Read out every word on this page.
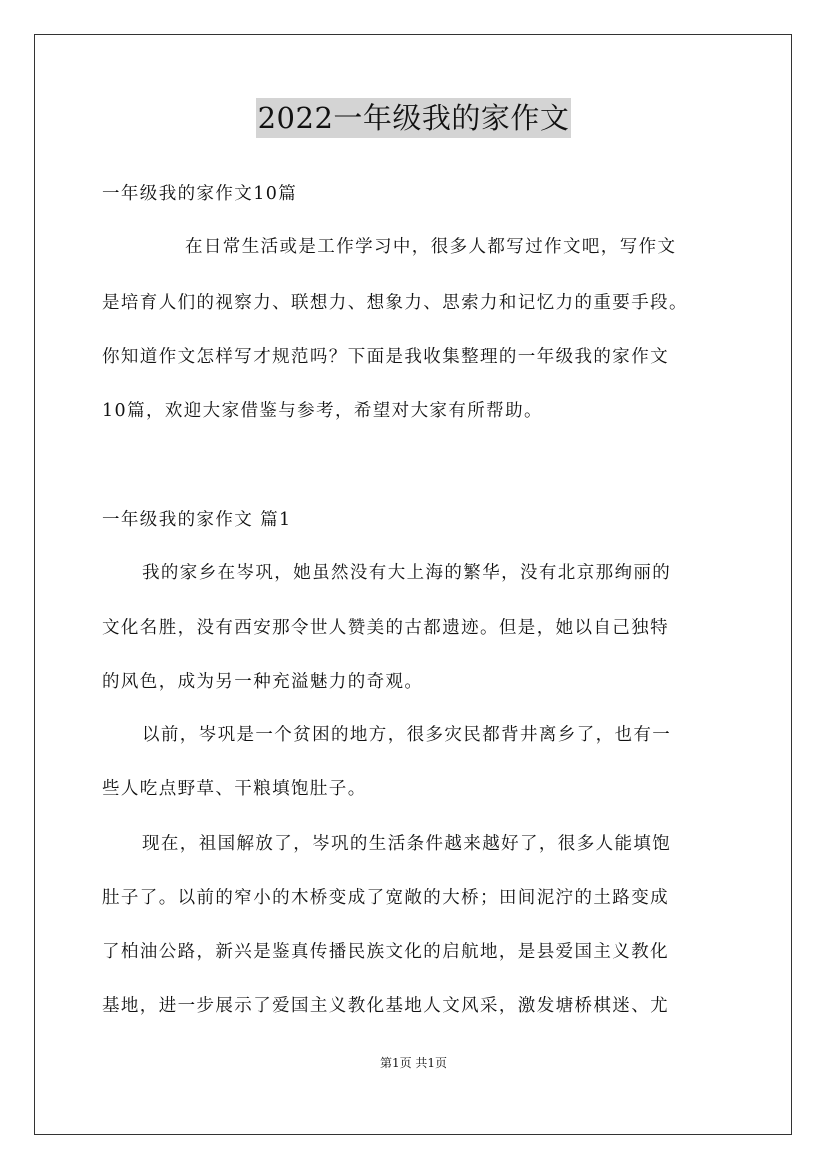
2022一年级我的家作文
一年级我的家作文10篇
在日常生活或是工作学习中，很多人都写过作文吧，写作文
是培育人们的视察力、联想力、想象力、思索力和记忆力的重要手段。
你知道作文怎样写才规范吗？下面是我收集整理的一年级我的家作文
10篇，欢迎大家借鉴与参考，希望对大家有所帮助。
一年级我的家作文 篇1
我的家乡在岑巩，她虽然没有大上海的繁华，没有北京那绚丽的
文化名胜，没有西安那令世人赞美的古都遗迹。但是，她以自己独特
的风色，成为另一种充溢魅力的奇观。
以前，岑巩是一个贫困的地方，很多灾民都背井离乡了，也有一
些人吃点野草、干粮填饱肚子。
现在，祖国解放了，岑巩的生活条件越来越好了，很多人能填饱
肚子了。以前的窄小的木桥变成了宽敞的大桥；田间泥泞的土路变成
了柏油公路，新兴是鉴真传播民族文化的启航地，是县爱国主义教化
基地，进一步展示了爱国主义教化基地人文风采，激发塘桥棋迷、尤
第1页 共1页
